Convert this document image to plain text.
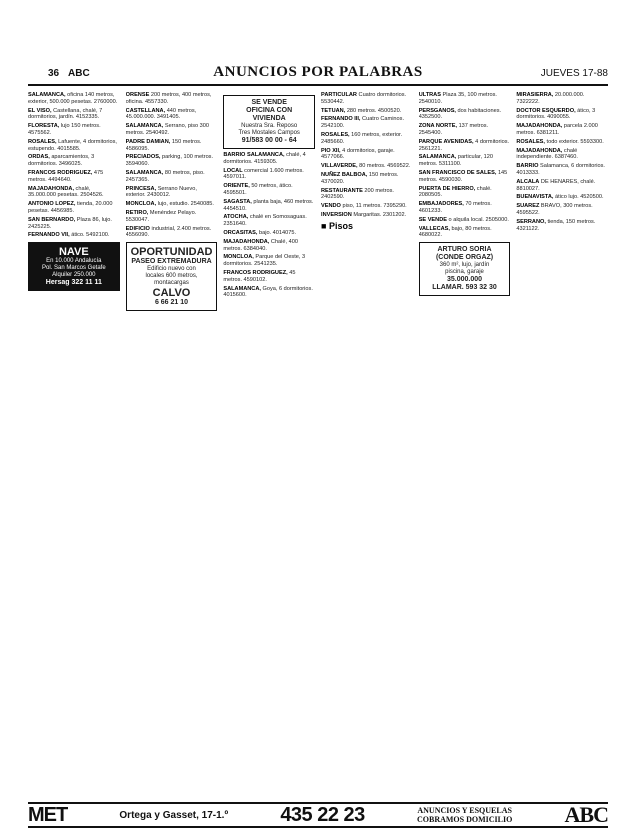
36 ABC	ANUNCIOS POR PALABRAS	JUEVES 17-88

SALAMANCA, oficina 140 metros, exterior, 500.000 pesetas. 2760000.

EL VISO, Castellana, chalé, 7 dormitorios, jardín. 4152335.

FLORESTA, lujo 150 metros. 4575562.

ROSALES, Lafuente, 4 dormitorios, estupendo. 4015585.

ORDAS, aparcamientos, 3 dormitorios. 3496025.

FRANCOS RODRIGUEZ, 475 metros. 4494640.

MAJADAHONDA, chalé, 35.000.000 pesetas. 2504526.

ANTONIO LOPEZ, tienda, 20.000 pesetas. 4456985.

SAN BERNARDO, Plaza 86, lujo. 2425225.

FERNANDO VII, ático. 5492100.

NAVE
En 10.000 Andalucía
Pol. San Marcos Getafe
Alquiler 250.000
Hersag 322 11 11

ORENSE 200 metros, 400 metros, oficina. 4557330.

CASTELLANA, 440 metros, 45.000.000. 3491405.

SALAMANCA, Serrano, piso 300 metros. 2540492.

PADRE DAMIAN, 150 metros. 4586095.

PRECIADOS, parking, 100 metros. 3594060.

SALAMANCA, 80 metros, piso. 2457365.

PRINCESA, Serrano Nuevo, exterior. 2430012.

MONCLOA, lujo, estudio. 2540085.

RETIRO, Menéndez Pelayo. 5530047.

EDIFICIO industrial, 2.400 metros. 4556090.

OPORTUNIDAD
PASEO EXTREMADURA
Edificio nuevo con
locales 600 metros,
montacargas
CALVO
6 66 21 10
SE VENDE
OFICINA CON
VIVIENDA
Nuestra Sra. Reposo
Tres Mostales Campos
91/583 00 00 - 64

BARRIO SALAMANCA, chalé, 4 dormitorios. 4159305.

LOCAL comercial 1.600 metros. 4597011.

ORIENTE, 50 metros, ático. 4595501.

SAGASTA, planta baja, 460 metros. 4454510.

ATOCHA, chalé en Somosaguas. 2351640.

ORCASITAS, bajo. 4014075.

MAJADAHONDA, Chalé, 400 metros. 6384040.

MONCLOA, Parque del Oeste, 3 dormitorios. 2541235.

FRANCOS RODRIGUEZ, 45 metros. 4590102.

SALAMANCA, Goya, 6 dormitorios. 4015600.

PARTICULAR Cuatro dormitorios. 5530442.

TETUAN, 280 metros. 4500520.

FERNANDO III, Cuatro Caminos. 2542100.

ROSALES, 160 metros, exterior. 2485660.

PIO XII, 4 dormitorios, garaje. 4577066.

VILLAVERDE, 80 metros. 4569522.

NUÑEZ BALBOA, 150 metros. 4370020.

RESTAURANTE 200 metros. 2402590.

VENDO piso, 11 metros. 7395290.

INVERSION Margaritas. 2301202.

■ Pisos

ULTRAS Plaza 35, 100 metros. 2540010.

PERSGANOS, dos habitaciones. 4352500.

ZONA NORTE, 137 metros. 2545400.

PARQUE AVENIDAS, 4 dormitorios. 2561221.

SALAMANCA, particular, 120 metros. 5311100.

SAN FRANCISCO DE SALES, 145 metros. 4590030.

PUERTA DE HIERRO, chalé. 2080505.

EMBAJADORES, 70 metros. 4601233.

SE VENDE o alquila local. 2505000.

VALLECAS, bajo, 80 metros. 4680022.

ARTURO SORIA
(CONDE ORGAZ)
360 m², lujo, jardín
piscina, garaje
35.000.000
LLAMAR. 593 32 30

MIRASIERRA, 20.000.000. 7322222.

DOCTOR ESQUERDO, ático, 3 dormitorios. 4090055.

MAJADAHONDA, parcela 2.000 metros. 6381211.

ROSALES, todo exterior. 5593300.

MAJADAHONDA, chalé independiente. 6387460.

BARRIO Salamanca, 6 dormitorios. 4013333.

ALCALA DE HENARES, chalé. 8810027.

BUENAVISTA, ático lujo. 4520500.

SUAREZ BRAVO, 300 metros. 4595522.

SERRANO, tienda, 150 metros. 4321122.

MET	Ortega y Gasset, 17-1.º	435 22 23	ANUNCIOS Y ESQUELAS
COBRAMOS DOMICILIO ABC
